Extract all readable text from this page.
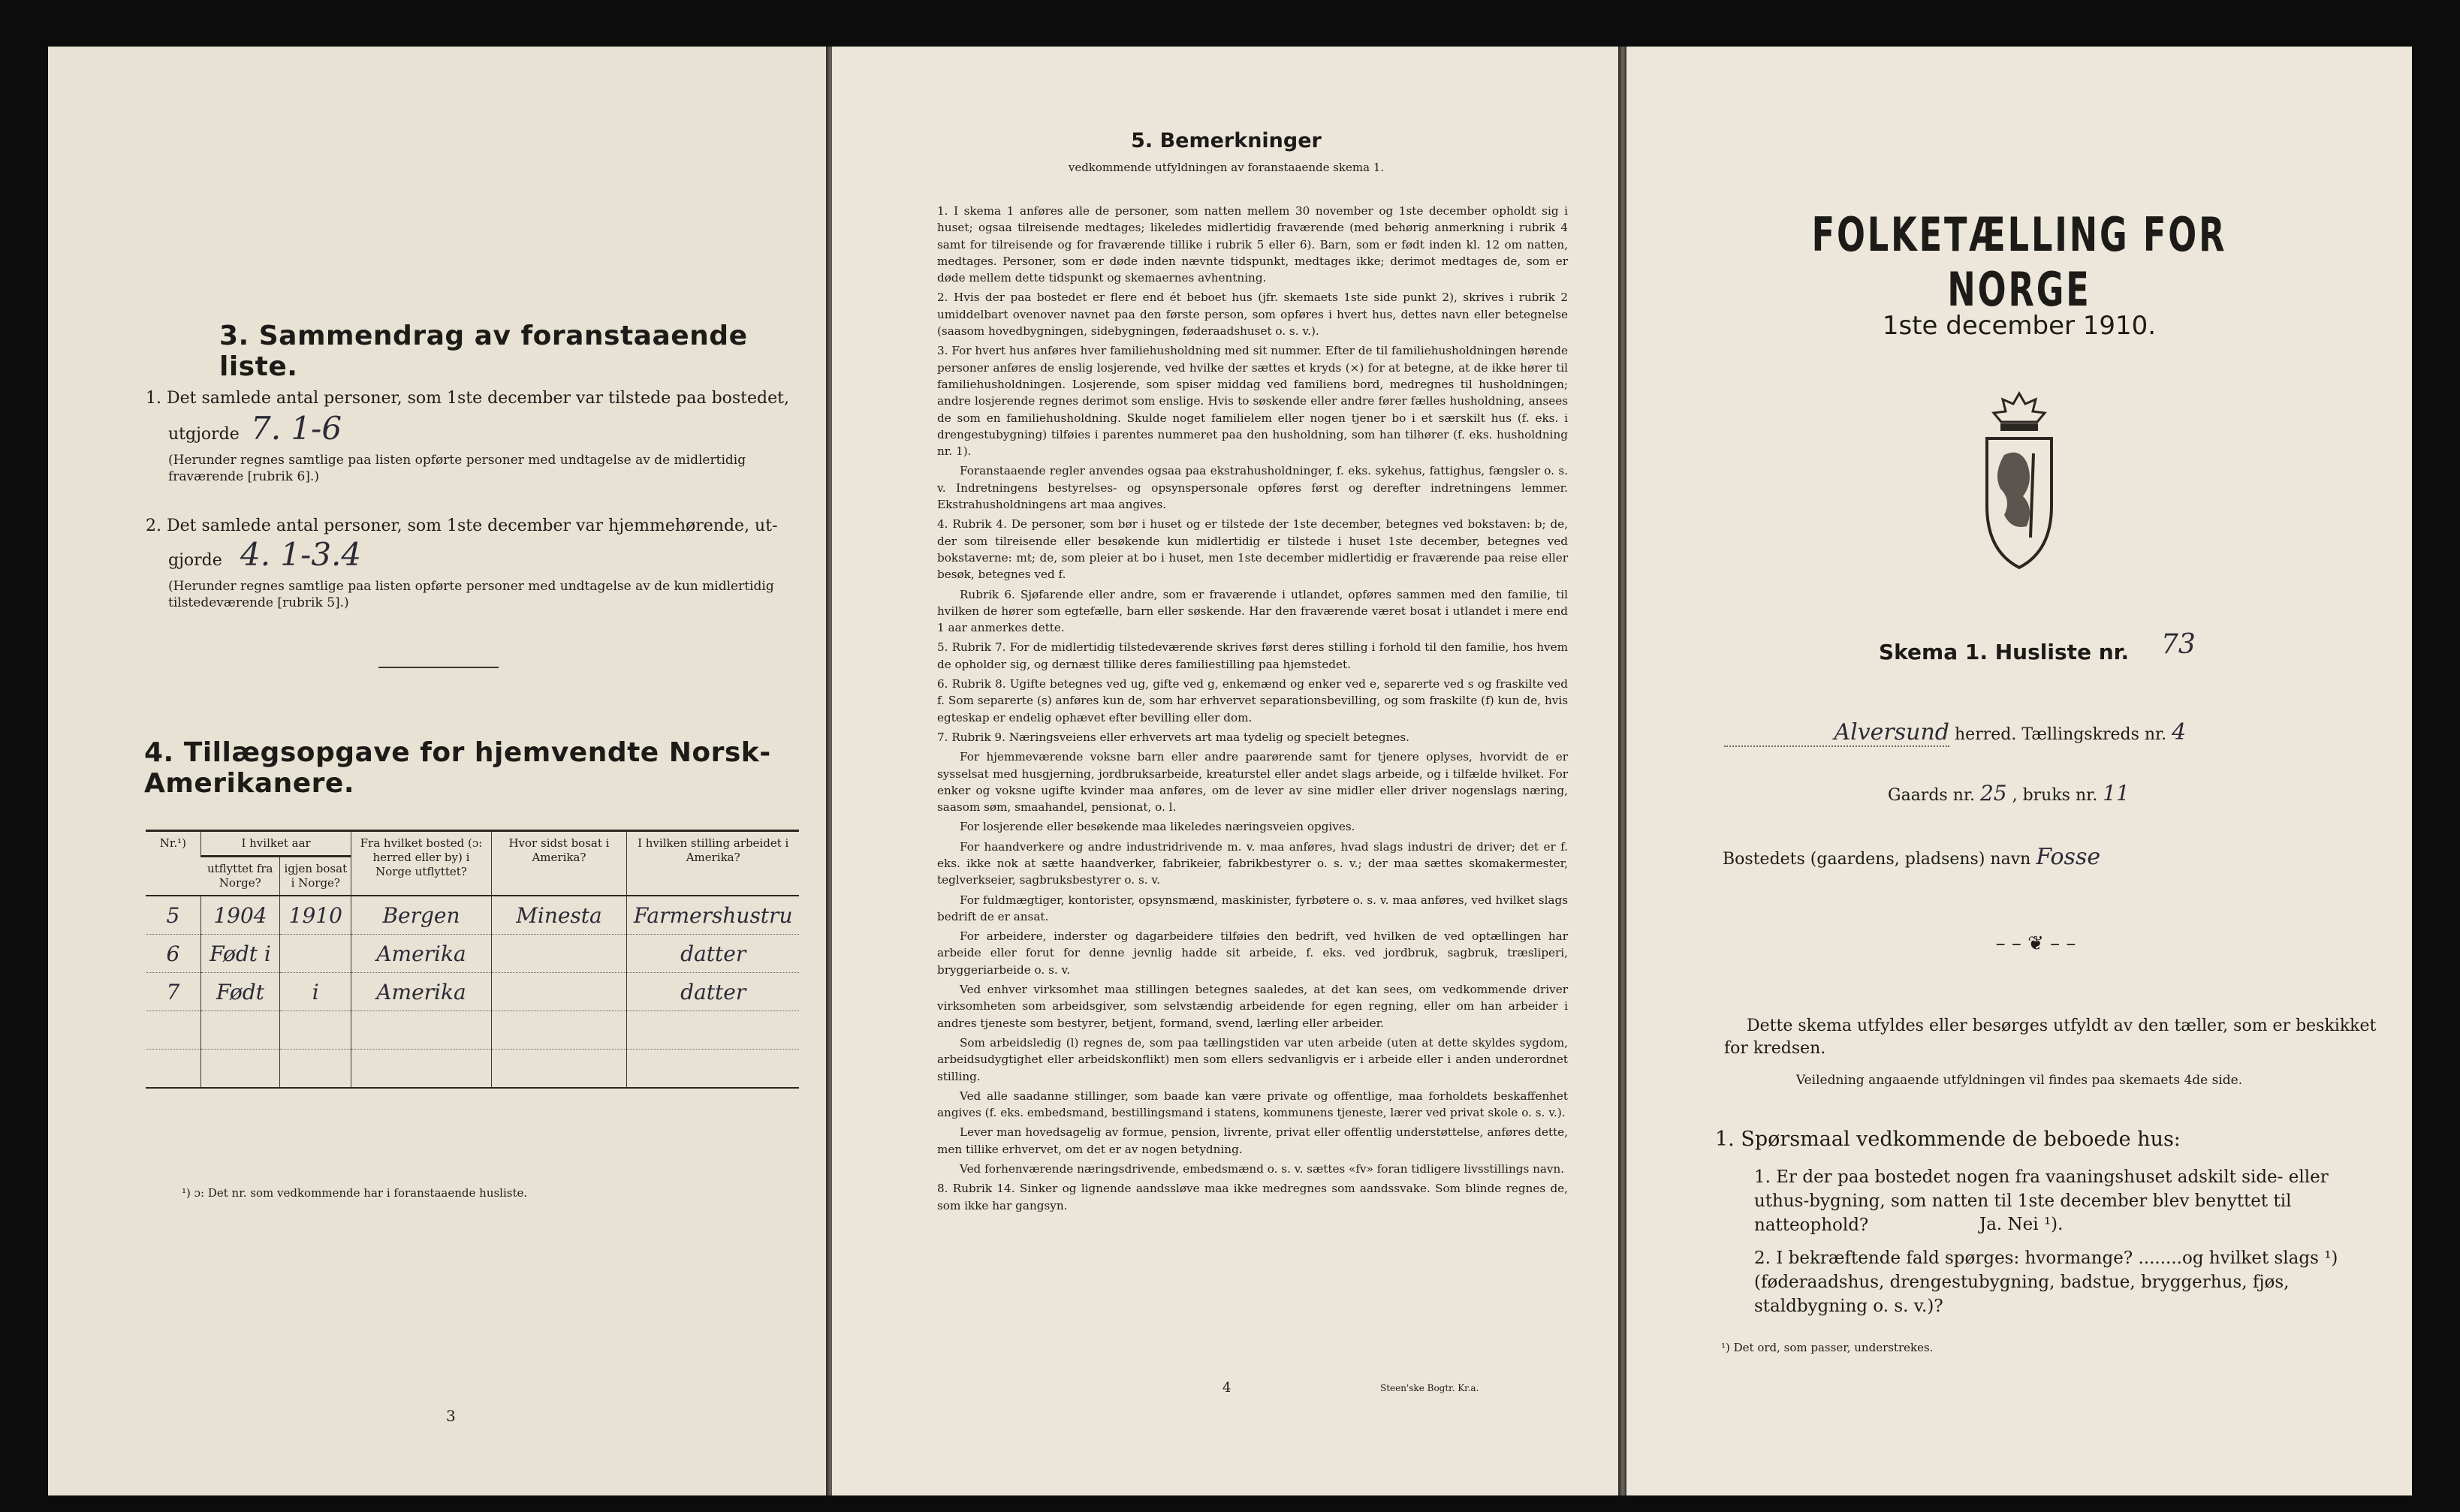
3. Sammendrag av foranstaaende liste.
1. Det samlede antal personer, som 1ste december var tilstede paa bostedet,
utgjorde 7. 1-6
(Herunder regnes samtlige paa listen opførte personer med undtagelse av de midlertidig fraværende [rubrik 6].)
2. Det samlede antal personer, som 1ste december var hjemmehørende, ut-
gjorde 4. 1-3.4
(Herunder regnes samtlige paa listen opførte personer med undtagelse av de kun midlertidig tilstedeværende [rubrik 5].)
4. Tillægsopgave for hjemvendte Norsk-Amerikanere.
Nr.¹)	I hvilket aar		Fra hvilket bosted (ɔ: herred eller by) i Norge utflyttet?	Hvor sidst bosat i Amerika?	I hvilken stilling arbeidet i Amerika?
	utflyttet fra Norge?	igjen bosat i Norge?			
5	1904	1910	Bergen	Minesta	Farmershustru
6	Født i		Amerika		datter
7	Født	i	Amerika		datter

¹) ɔ: Det nr. som vedkommende har i foranstaaende husliste.
3
5. Bemerkninger
vedkommende utfyldningen av foranstaaende skema 1.

1. I skema 1 anføres alle de personer, som natten mellem 30 november og 1ste december opholdt sig i huset; ogsaa tilreisende medtages; likeledes midlertidig fraværende (med behørig anmerkning i rubrik 4 samt for tilreisende og for fraværende tillike i rubrik 5 eller 6). Barn, som er født inden kl. 12 om natten, medtages. Personer, som er døde inden nævnte tidspunkt, medtages ikke; derimot medtages de, som er døde mellem dette tidspunkt og skemaernes avhentning.

2. Hvis der paa bostedet er flere end ét beboet hus (jfr. skemaets 1ste side punkt 2), skrives i rubrik 2 umiddelbart ovenover navnet paa den første person, som opføres i hvert hus, dettes navn eller betegnelse (saasom hovedbygningen, sidebygningen, føderaadshuset o. s. v.).

3. For hvert hus anføres hver familiehusholdning med sit nummer. Efter de til familiehusholdningen hørende personer anføres de enslig losjerende, ved hvilke der sættes et kryds (×) for at betegne, at de ikke hører til familiehusholdningen. Losjerende, som spiser middag ved familiens bord, medregnes til husholdningen; andre losjerende regnes derimot som enslige. Hvis to søskende eller andre fører fælles husholdning, ansees de som en familiehusholdning. Skulde noget familielem eller nogen tjener bo i et særskilt hus (f. eks. i drengestubygning) tilføies i parentes nummeret paa den husholdning, som han tilhører (f. eks. husholdning nr. 1).

Foranstaaende regler anvendes ogsaa paa ekstrahusholdninger, f. eks. sykehus, fattighus, fængsler o. s. v. Indretningens bestyrelses- og opsynspersonale opføres først og derefter indretningens lemmer. Ekstrahusholdningens art maa angives.

4. Rubrik 4. De personer, som bør i huset og er tilstede der 1ste december, betegnes ved bokstaven: b; de, der som tilreisende eller besøkende kun midlertidig er tilstede i huset 1ste december, betegnes ved bokstaverne: mt; de, som pleier at bo i huset, men 1ste december midlertidig er fraværende paa reise eller besøk, betegnes ved f.

Rubrik 6. Sjøfarende eller andre, som er fraværende i utlandet, opføres sammen med den familie, til hvilken de hører som egtefælle, barn eller søskende. Har den fraværende været bosat i utlandet i mere end 1 aar anmerkes dette.

5. Rubrik 7. For de midlertidig tilstedeværende skrives først deres stilling i forhold til den familie, hos hvem de opholder sig, og dernæst tillike deres familiestilling paa hjemstedet.

6. Rubrik 8. Ugifte betegnes ved ug, gifte ved g, enkemænd og enker ved e, separerte ved s og fraskilte ved f. Som separerte (s) anføres kun de, som har erhvervet separationsbevilling, og som fraskilte (f) kun de, hvis egteskap er endelig ophævet efter bevilling eller dom.

7. Rubrik 9. Næringsveiens eller erhvervets art maa tydelig og specielt betegnes.

For hjemmeværende voksne barn eller andre paarørende samt for tjenere oplyses, hvorvidt de er sysselsat med husgjerning, jordbruksarbeide, kreaturstel eller andet slags arbeide, og i tilfælde hvilket. For enker og voksne ugifte kvinder maa anføres, om de lever av sine midler eller driver nogenslags næring, saasom søm, smaahandel, pensionat, o. l.

For losjerende eller besøkende maa likeledes næringsveien opgives.

For haandverkere og andre industridrivende m. v. maa anføres, hvad slags industri de driver; det er f. eks. ikke nok at sætte haandverker, fabrikeier, fabrikbestyrer o. s. v.; der maa sættes skomakermester, teglverkseier, sagbruksbestyrer o. s. v.

For fuldmægtiger, kontorister, opsynsmænd, maskinister, fyrbøtere o. s. v. maa anføres, ved hvilket slags bedrift de er ansat.

For arbeidere, inderster og dagarbeidere tilføies den bedrift, ved hvilken de ved optællingen har arbeide eller forut for denne jevnlig hadde sit arbeide, f. eks. ved jordbruk, sagbruk, træsliperi, bryggeriarbeide o. s. v.

Ved enhver virksomhet maa stillingen betegnes saaledes, at det kan sees, om vedkommende driver virksomheten som arbeidsgiver, som selvstændig arbeidende for egen regning, eller om han arbeider i andres tjeneste som bestyrer, betjent, formand, svend, lærling eller arbeider.

Som arbeidsledig (l) regnes de, som paa tællingstiden var uten arbeide (uten at dette skyldes sygdom, arbeidsudygtighet eller arbeidskonflikt) men som ellers sedvanligvis er i arbeide eller i anden underordnet stilling.

Ved alle saadanne stillinger, som baade kan være private og offentlige, maa forholdets beskaffenhet angives (f. eks. embedsmand, bestillingsmand i statens, kommunens tjeneste, lærer ved privat skole o. s. v.).

Lever man hovedsagelig av formue, pension, livrente, privat eller offentlig understøttelse, anføres dette, men tillike erhvervet, om det er av nogen betydning.

Ved forhenværende næringsdrivende, embedsmænd o. s. v. sættes «fv» foran tidligere livsstillings navn.

8. Rubrik 14. Sinker og lignende aandssløve maa ikke medregnes som aandssvake. Som blinde regnes de, som ikke har gangsyn.

4	Steen'ske Bogtr. Kr.a.
FOLKETÆLLING FOR NORGE
1ste december 1910.
Skema 1. Husliste nr. 73
Alversund herred. Tællingskreds nr. 4
Gaards nr. 25 , bruks nr. 11
Bostedets (gaardens, pladsens) navn Fosse
– – ❦ – –
Dette skema utfyldes eller besørges utfyldt av den tæller, som er beskikket for kredsen.
Veiledning angaaende utfyldningen vil findes paa skemaets 4de side.
1. Spørsmaal vedkommende de beboede hus:
1. Er der paa bostedet nogen fra vaaningshuset adskilt side- eller uthus-bygning, som natten til 1ste december blev benyttet til natteophold?	Ja. Nei ¹).
2. I bekræftende fald spørges: hvormange? ........og hvilket slags ¹) (føderaadshus, drengestubygning, badstue, bryggerhus, fjøs, staldbygning o. s. v.)?
¹) Det ord, som passer, understrekes.
